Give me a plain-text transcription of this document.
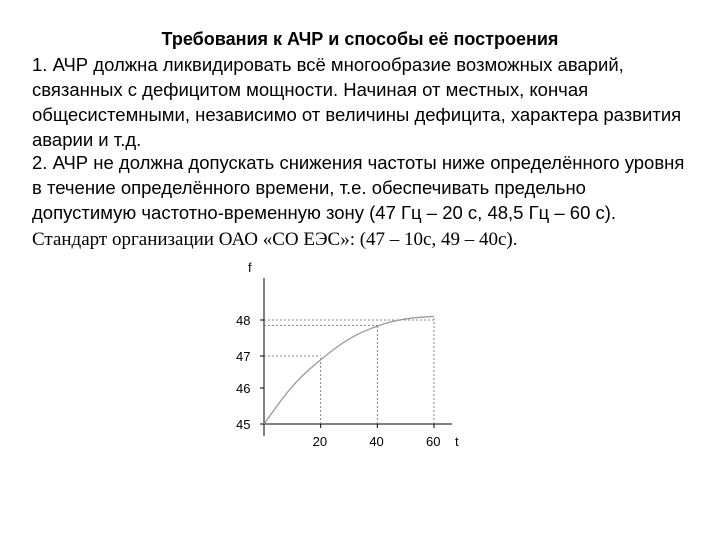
Требования к АЧР и способы её построения

1. АЧР должна ликвидировать всё многообразие возможных аварий, связанных с дефицитом мощности. Начиная от местных, кончая общесистемными, независимо от величины дефицита, характера развития аварии и т.д.

2. АЧР не должна допускать снижения частоты ниже определённого уровня в течение определённого времени, т.е. обеспечивать предельно допустимую частотно-временную зону (47 Гц – 20 с, 48,5 Гц – 60 с). Стандарт организации ОАО «СО ЕЭС»: (47 – 10с, 49 – 40с).

f
t
45
46
47
48
20	40	60
